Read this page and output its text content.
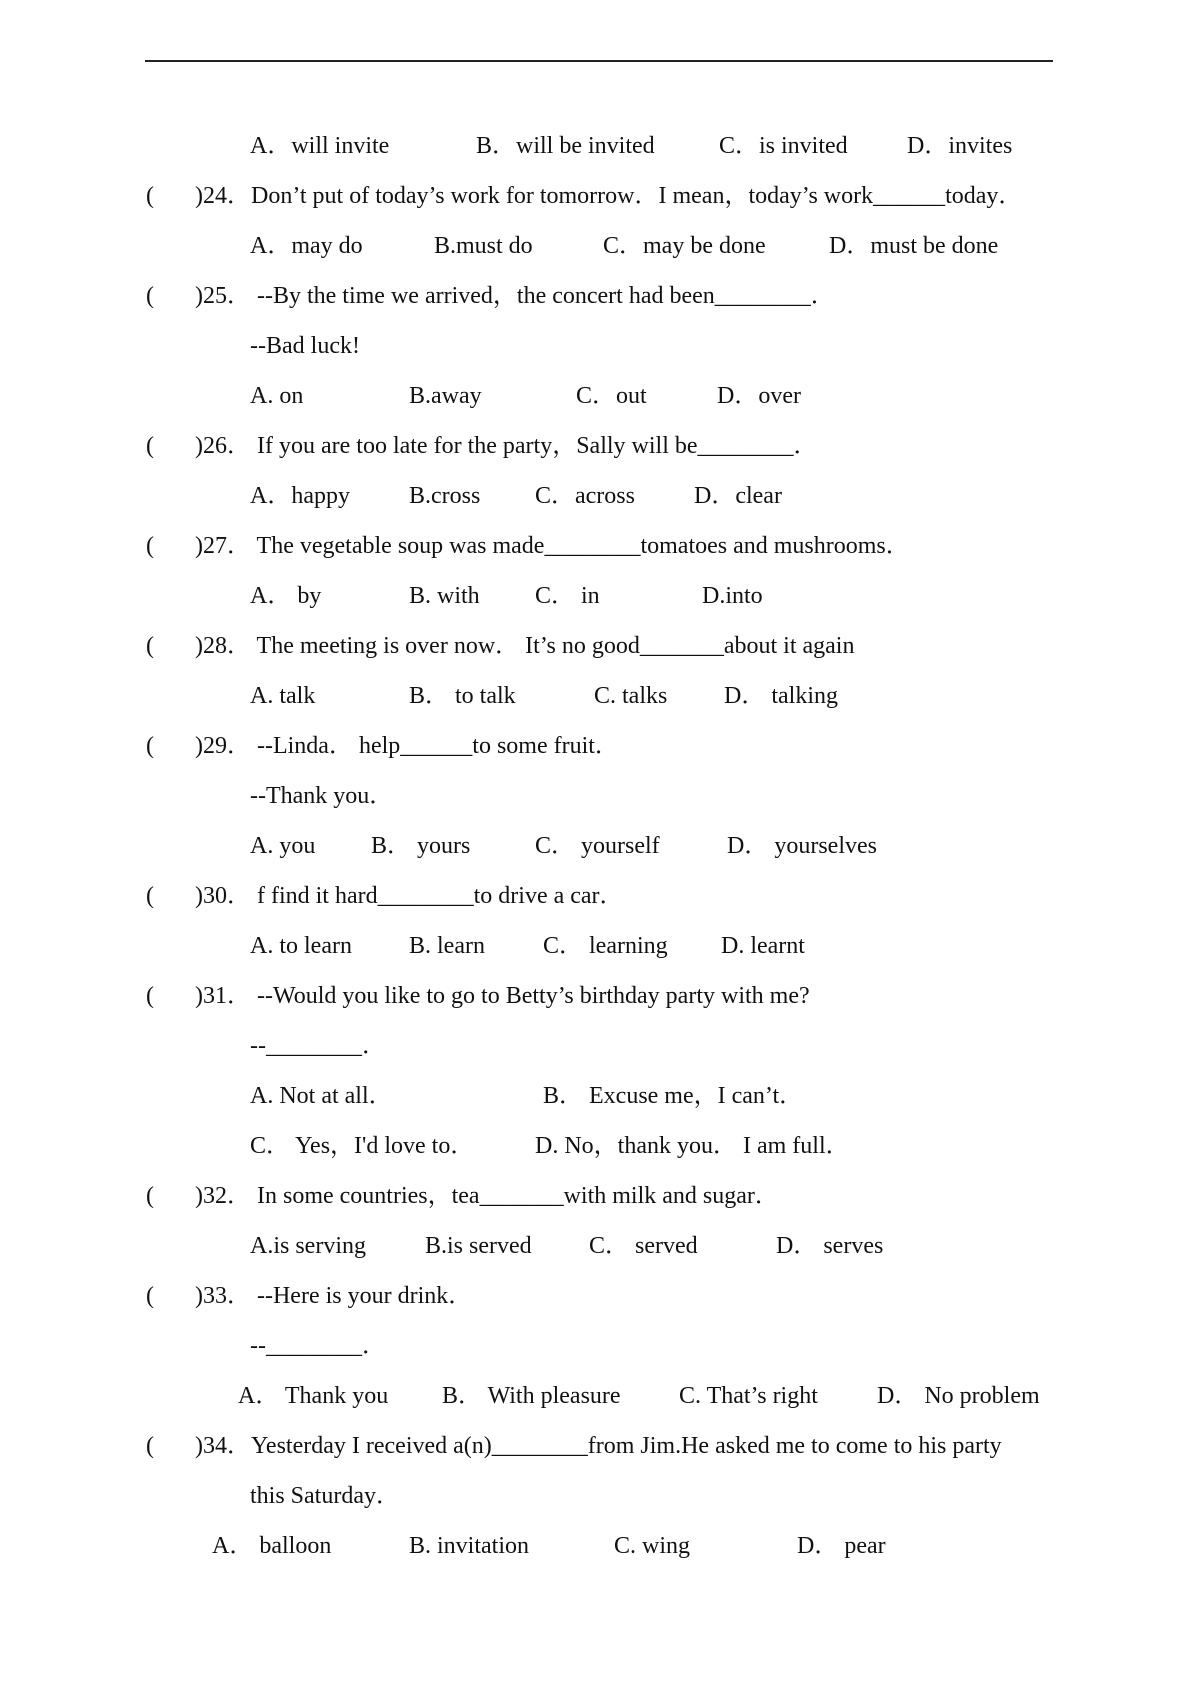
A．will invite

	B．will be invited

	C．is invited

D．invites

(

)24．Don’t put of today’s work for tomorrow．I mean，today’s work______today．

A．may do

	B.must do

	C．may be done

	D．must be done

(

)25． --By the time we arrived，the concert had been________．

--Bad luck!

A. on

	B.away

	C．out

	D．over

(

)26． If you are too late for the party，Sally will be________．

A．happy

B.cross

C．across

D．clear

(

)27． The vegetable soup was made________tomatoes and mushrooms．

A． by

	B. with

C． in

	D.into

(

)28． The meeting is over now． It’s no good_______about it again

A. talk

	B． to talk

	C. talks

D． talking

(

)29． --Linda． help______to some fruit．

--Thank you．

A. you

B． yours

	C． yourself

	D． yourselves

(

)30． f find it hard________to drive a car．

A. to learn

B. learn

C． learning

D. learnt

(

)31． --Would you like to go to Betty’s birthday party with me?

--________．

A. Not at all．

	B． Excuse me，I can’t．

C． Yes，I'd love to．

	D. No，thank you． I am full．

(

)32． In some countries，tea_______with milk and sugar．

A.is serving

B.is served

C． served

	D． serves

(

)33． --Here is your drink．

--________．

A． Thank you

B． With pleasure

C. That’s right

D． No problem

(

)34．Yesterday I received a(n)________from Jim.He asked me to come to his party

this Saturday．

A． balloon

	B. invitation

	C. wing

	D． pear
